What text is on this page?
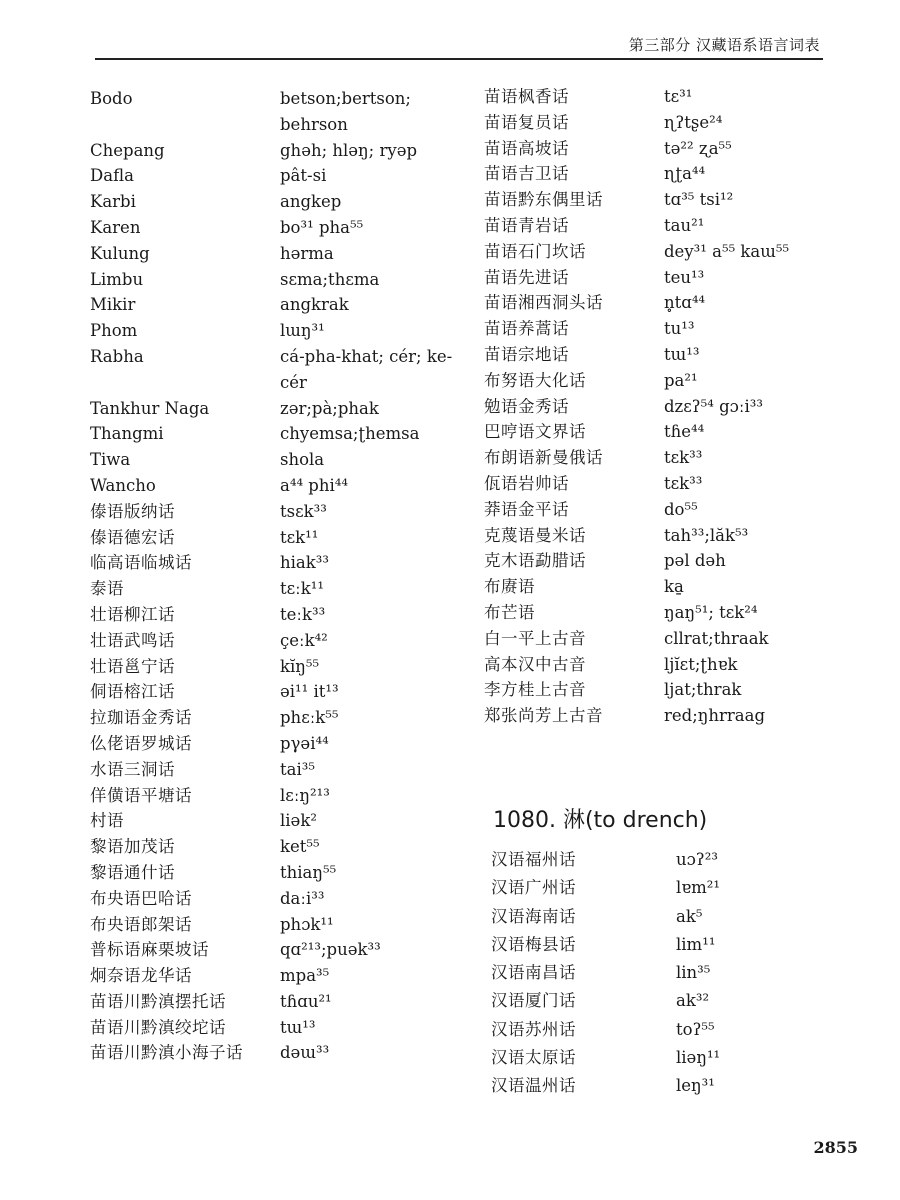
第三部分 汉藏语系语言词表
Bodo	betson;bertson; behrson
Chepang	ghəh; hləŋ; ryəp
Dafla	pât-si
Karbi	angkep
Karen	bo³¹ pha⁵⁵
Kulung	hərma
Limbu	sɛma;thɛma
Mikir	angkrak
Phom	lɯŋ³¹
Rabha	cá-pha-khat; cér; ke-cér
Tankhur Naga	zər;pà;phak
Thangmi	chyemsa;ʈhemsa
Tiwa	shola
Wancho	a⁴⁴ phi⁴⁴
傣语版纳话	tsɛk³³
傣语德宏话	tɛk¹¹
临高语临城话	hiak³³
泰语	tɛːk¹¹
壮语柳江话	teːk³³
壮语武鸣话	çeːk⁴²
壮语邕宁话	kĭŋ⁵⁵
侗语榕江话	əi¹¹ it¹³
拉珈语金秀话	phɛːk⁵⁵
仫佬语罗城话	pγəi⁴⁴
水语三洞话	tai³⁵
佯僙语平塘话	lɛːŋ²¹³
村语	liək²
黎语加茂话	ket⁵⁵
黎语通什话	thiaŋ⁵⁵
布央语巴哈话	daːi³³
布央语郎架话	phɔk¹¹
普标语麻栗坡话	qɑ²¹³;puək³³
炯奈语龙华话	mpa³⁵
苗语川黔滇摆托话	tɦɑu²¹
苗语川黔滇绞坨话	tɯ¹³
苗语川黔滇小海子话	dəɯ³³
苗语枫香话	tɛ³¹
苗语复员话	ɳʔtʂe²⁴
苗语高坡话	tə²² ʐa⁵⁵
苗语吉卫话	ɳʈa⁴⁴
苗语黔东偶里话	tɑ³⁵ tsi¹²
苗语青岩话	tau²¹
苗语石门坎话	dey³¹ a⁵⁵ kaɯ⁵⁵
苗语先进话	teu¹³
苗语湘西洞头话	n̥tɑ⁴⁴
苗语养蒿话	tu¹³
苗语宗地话	tɯ¹³
布努语大化话	pa²¹
勉语金秀话	dzɛʔ⁵⁴ gɔːi³³
巴哼语文界话	tɦe⁴⁴
布朗语新曼俄话	tɛk³³
佤语岩帅话	tɛk³³
莽语金平话	do⁵⁵
克蔑语曼米话	tah³³;lăk⁵³
克木语勐腊话	pəl dəh
布赓语	ka̱
布芒语	ŋaŋ⁵¹; tɛk²⁴
白一平上古音	cllrat;thraak
高本汉中古音	ljĭɛt;ʈhɐk
李方桂上古音	ljat;thrak
郑张尚芳上古音	red;ŋhrraag
1080. 淋(to drench)
汉语福州话	uɔʔ²³
汉语广州话	lɐm²¹
汉语海南话	ak⁵
汉语梅县话	lim¹¹
汉语南昌话	lin³⁵
汉语厦门话	ak³²
汉语苏州话	toʔ⁵⁵
汉语太原话	liəŋ¹¹
汉语温州话	leŋ³¹
2855
